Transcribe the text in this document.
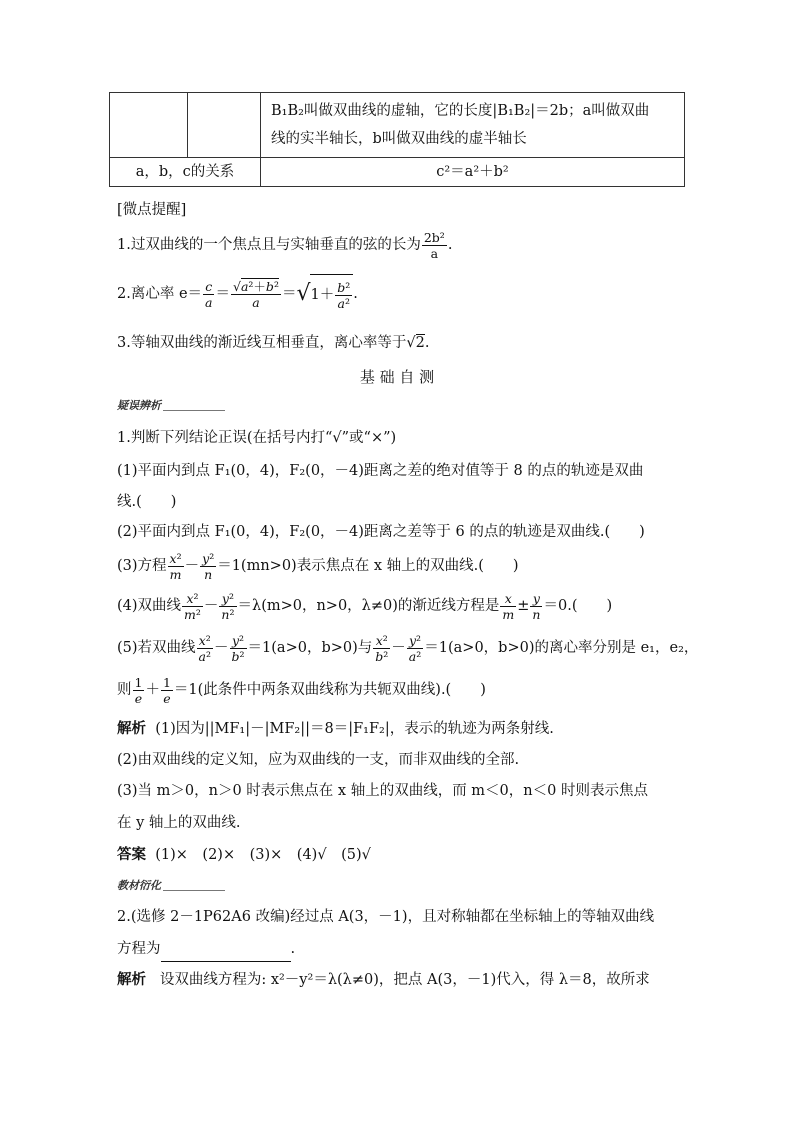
		B₁B₂叫做双曲线的虚轴，它的长度|B₁B₂|＝2b；a叫做双曲
线的实半轴长，b叫做双曲线的虚半轴长

a，b，c的关系		c²＝a²＋b²
[微点提醒]
1.过双曲线的一个焦点且与实轴垂直的弦的长为 $\frac{\text{2b²}}{a}$ .
2.离心率 $e= \frac{c}{a} = \frac{\text{√a²＋b²}}{a} =√1+ \frac{\text{b²}}{\text{a²}}$ .
3.等轴双曲线的渐近线互相垂直，离心率等于√2.
基 础 自 测
疑误辨析
1.判断下列结论正误(在括号内打“√”或“×”)
(1)平面内到点 F₁(0，4)，F₂(0，－4)距离之差的绝对值等于 8 的点的轨迹是双曲
线.(　　)
(2)平面内到点 F₁(0，4)，F₂(0，－4)距离之差等于 6 的点的轨迹是双曲线.(　　)
(3)方程 $\frac{\text{x²}}{m} - \frac{\text{y²}}{n} =1(mn>0)$表示焦点在 x 轴上的双曲线.(　　)
(4)双曲线 $\frac{\text{x²}}{\text{m²}} - \frac{\text{y²}}{\text{n²}} =\lambda(m>0$，n>0，λ≠0)的渐近线方程是 $\frac{x}{m} \pm \frac{y}{n} =0$.(　　)
(5)若双曲线 $\frac{\text{x²}}{\text{a²}} - \frac{\text{y²}}{\text{b²}} =1(a>0$，b>0)与 $\frac{\text{x²}}{\text{b²}} - \frac{\text{y²}}{\text{a²}} =1(a>0$，b>0)的离心率分别是 e₁，e₂，
则 $\frac{1}{e} + \frac{1}{e} =1$(此条件中两条双曲线称为共轭双曲线).(　　)
解析 (1)因为||MF₁|－|MF₂||＝8＝|F₁F₂|，表示的轨迹为两条射线.
(2)由双曲线的定义知，应为双曲线的一支，而非双曲线的全部.
(3)当 m＞0，n＞0 时表示焦点在 x 轴上的双曲线，而 m＜0，n＜0 时则表示焦点
在 y 轴上的双曲线.
答案 (1)×　(2)×　(3)×　(4)√　(5)√
教材衍化
2.(选修 2－1P62A6 改编)经过点 A(3，－1)，且对称轴都在坐标轴上的等轴双曲线
方程为	.
解析 设双曲线方程为: x²－y²＝λ(λ≠0)，把点 A(3，－1)代入，得 λ＝8，故所求
